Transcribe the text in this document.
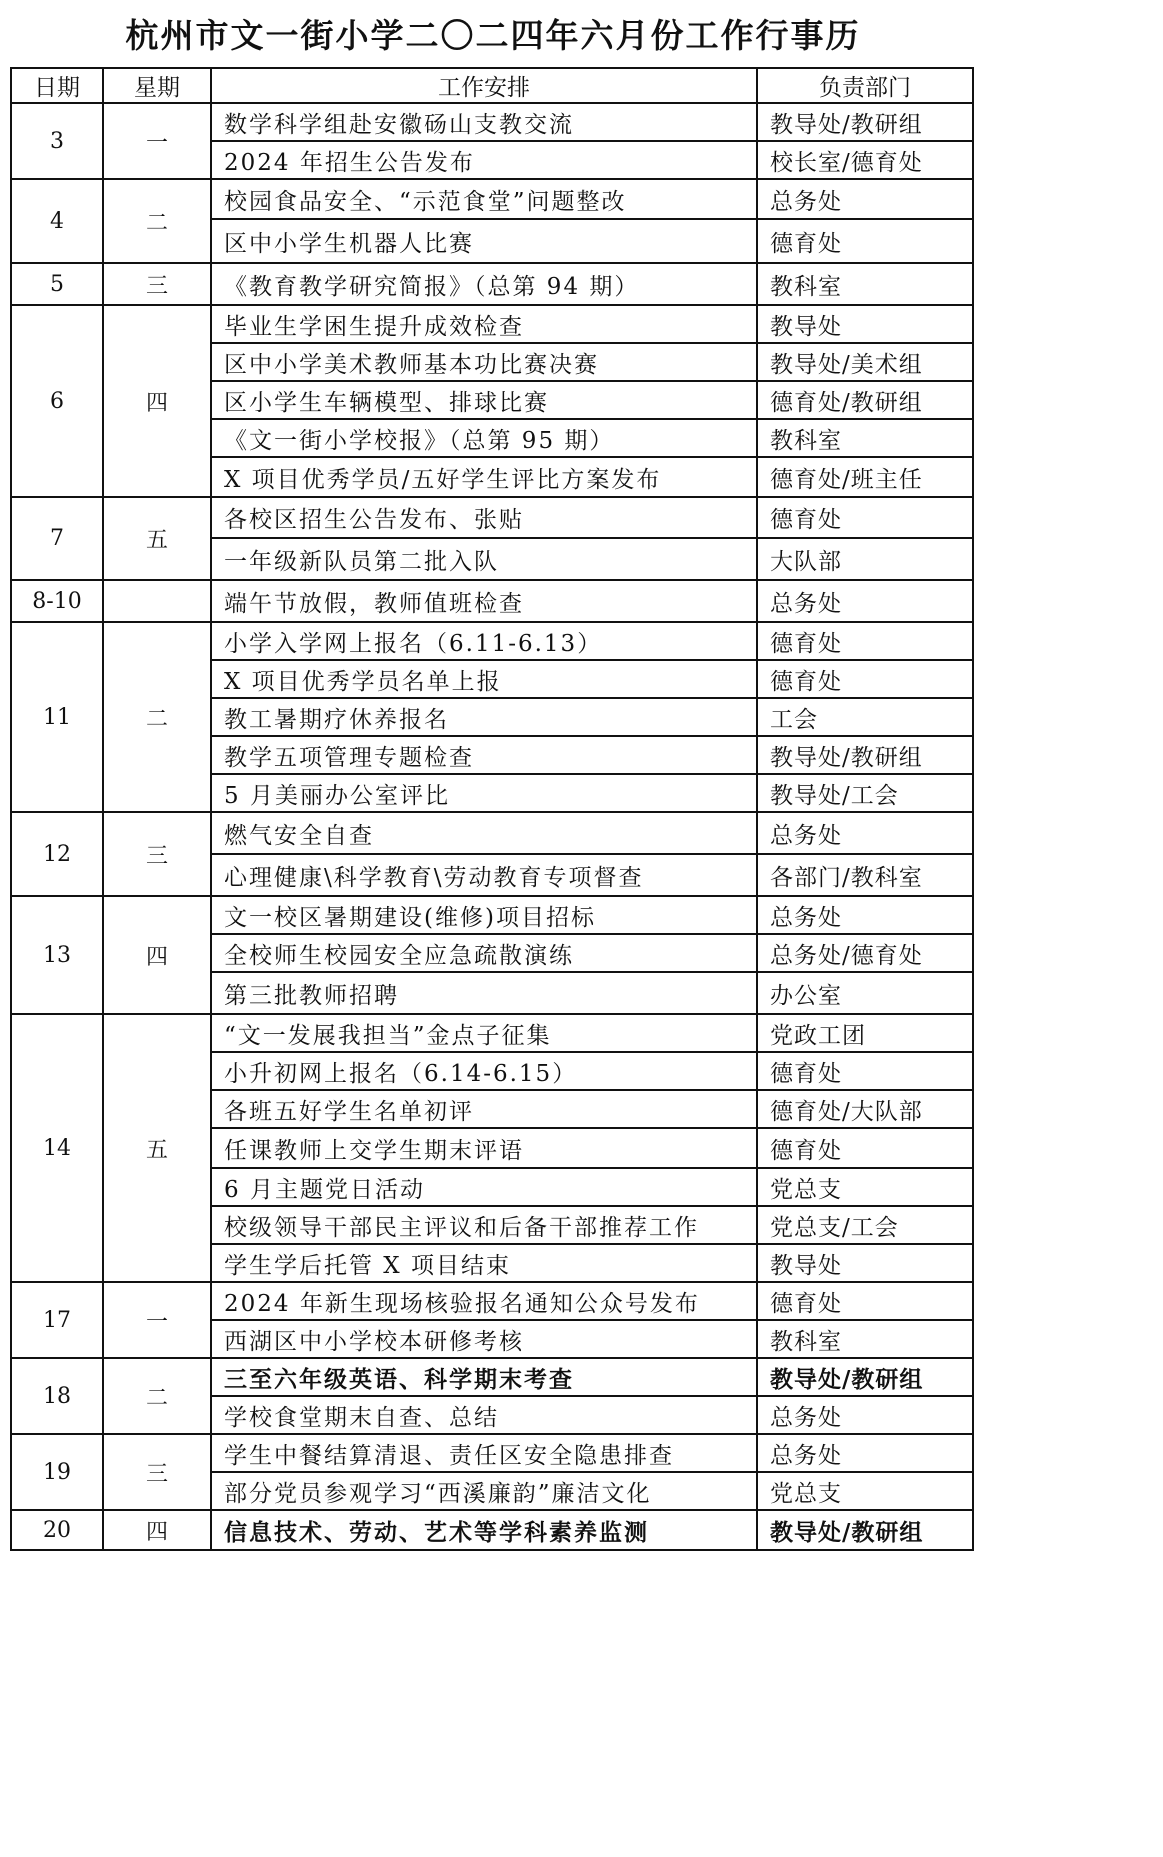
杭州市文一街小学二〇二四年六月份工作行事历
日期	星期	工作安排	负责部门
3	一	数学科学组赴安徽砀山支教交流	教导处/教研组
		2024 年招生公告发布	校长室/德育处
4	二	校园食品安全、“示范食堂”问题整改	总务处
		区中小学生机器人比赛	德育处
5	三	《教育教学研究简报》（总第 94 期）	教科室
6	四	毕业生学困生提升成效检查	教导处
		区中小学美术教师基本功比赛决赛	教导处/美术组
		区小学生车辆模型、排球比赛	德育处/教研组
		《文一街小学校报》（总第 95 期）	教科室
		X 项目优秀学员/五好学生评比方案发布	德育处/班主任
7	五	各校区招生公告发布、张贴	德育处
		一年级新队员第二批入队	大队部
8-10		端午节放假，教师值班检查	总务处
11	二	小学入学网上报名（6.11-6.13）	德育处
		X 项目优秀学员名单上报	德育处
		教工暑期疗休养报名	工会
		教学五项管理专题检查	教导处/教研组
		5 月美丽办公室评比	教导处/工会
12	三	燃气安全自查	总务处
		心理健康\科学教育\劳动教育专项督查	各部门/教科室
13	四	文一校区暑期建设(维修)项目招标	总务处
		全校师生校园安全应急疏散演练	总务处/德育处
		第三批教师招聘	办公室
14	五	“文一发展我担当”金点子征集	党政工团
		小升初网上报名（6.14-6.15）	德育处
		各班五好学生名单初评	德育处/大队部
		任课教师上交学生期末评语	德育处
		6 月主题党日活动	党总支
		校级领导干部民主评议和后备干部推荐工作	党总支/工会
		学生学后托管 X 项目结束	教导处
17	一	2024 年新生现场核验报名通知公众号发布	德育处
		西湖区中小学校本研修考核	教科室
18	二	三至六年级英语、科学期末考查	教导处/教研组
		学校食堂期末自查、总结	总务处
19	三	学生中餐结算清退、责任区安全隐患排查	总务处
		部分党员参观学习“西溪廉韵”廉洁文化	党总支
20	四	信息技术、劳动、艺术等学科素养监测	教导处/教研组
